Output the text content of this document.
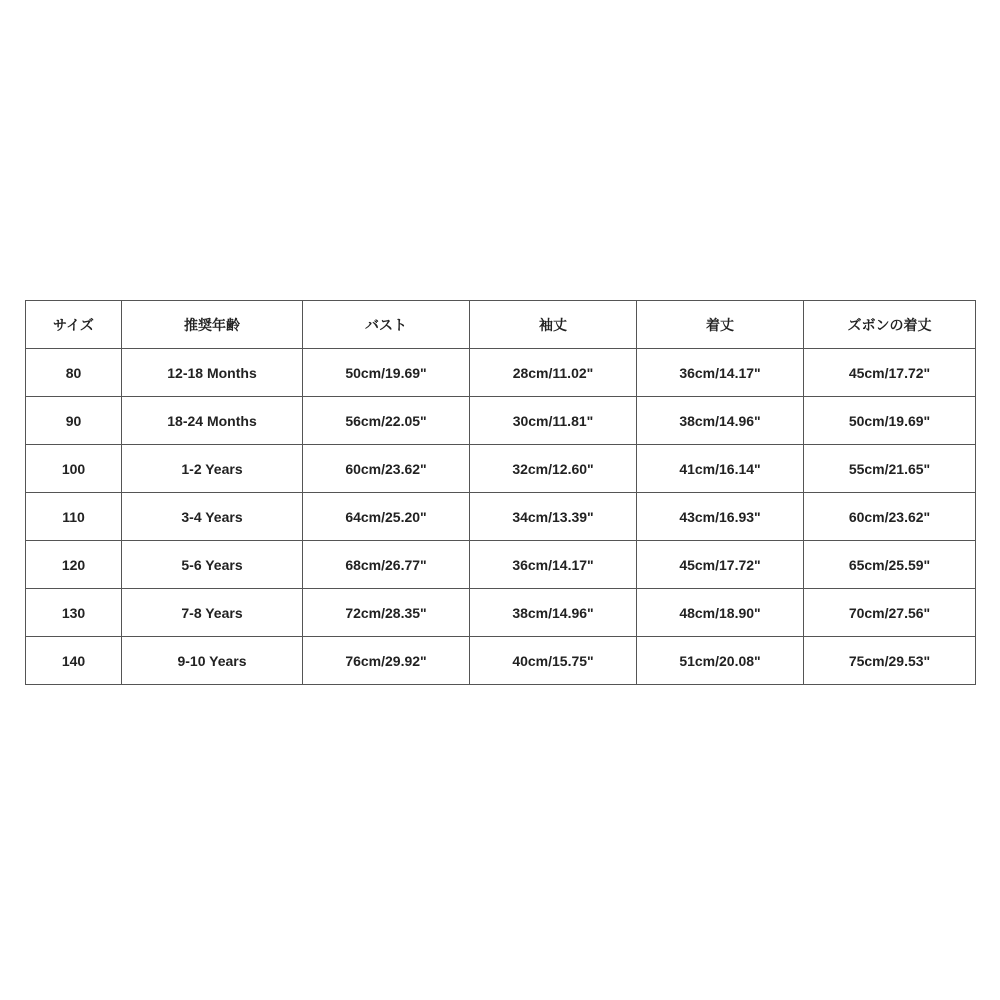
サイズ	推奨年齢	バスト	袖丈	着丈	ズボンの着丈
80	12-18 Months	50cm/19.69"	28cm/11.02"	36cm/14.17"	45cm/17.72"
90	18-24 Months	56cm/22.05"	30cm/11.81"	38cm/14.96"	50cm/19.69"
100	1-2 Years	60cm/23.62"	32cm/12.60"	41cm/16.14"	55cm/21.65"
110	3-4 Years	64cm/25.20"	34cm/13.39"	43cm/16.93"	60cm/23.62"
120	5-6 Years	68cm/26.77"	36cm/14.17"	45cm/17.72"	65cm/25.59"
130	7-8 Years	72cm/28.35"	38cm/14.96"	48cm/18.90"	70cm/27.56"
140	9-10 Years	76cm/29.92"	40cm/15.75"	51cm/20.08"	75cm/29.53"
